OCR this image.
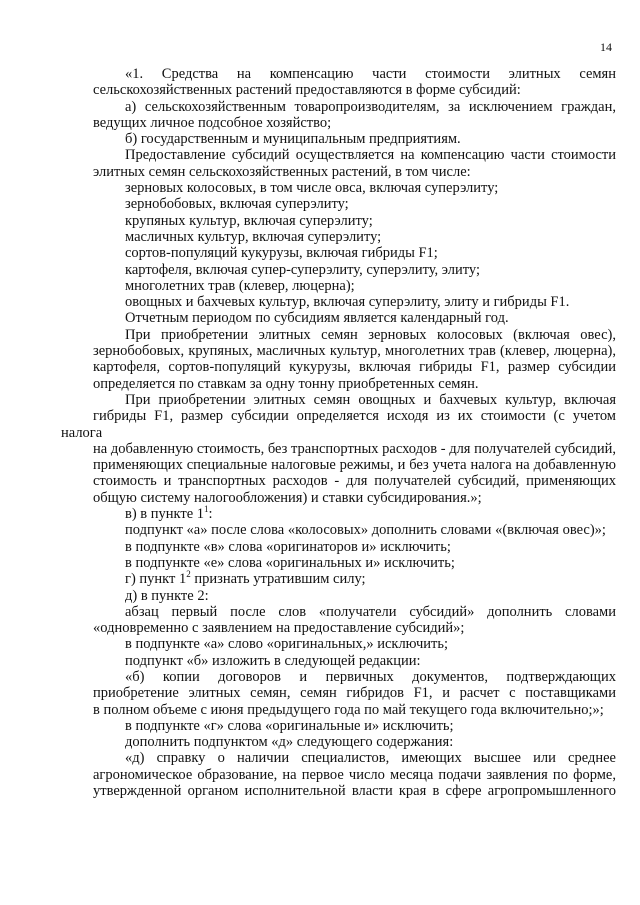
14
«1. Средства на компенсацию части стоимости элитных семян
сельскохозяйственных растений предоставляются в форме субсидий:
а) сельскохозяйственным товаропроизводителям, за исключением граждан,
ведущих личное подсобное хозяйство;
б) государственным и муниципальным предприятиям.
Предоставление субсидий осуществляется на компенсацию части стоимости
элитных семян сельскохозяйственных растений, в том числе:
зерновых колосовых, в том числе овса, включая суперэлиту;
зернобобовых, включая суперэлиту;
крупяных культур, включая суперэлиту;
масличных культур, включая суперэлиту;
сортов-популяций кукурузы, включая гибриды F1;
картофеля, включая супер-суперэлиту, суперэлиту, элиту;
многолетних трав (клевер, люцерна);
овощных и бахчевых культур, включая суперэлиту, элиту и гибриды F1.
Отчетным периодом по субсидиям является календарный год.
При приобретении элитных семян зерновых колосовых (включая овес),
зернобобовых, крупяных, масличных культур, многолетних трав (клевер, люцерна),
картофеля, сортов-популяций кукурузы, включая гибриды F1, размер субсидии
определяется по ставкам за одну тонну приобретенных семян.
При приобретении элитных семян овощных и бахчевых культур, включая
гибриды F1, размер субсидии определяется исходя из их стоимости (с учетом налога
на добавленную стоимость, без транспортных расходов - для получателей субсидий,
применяющих специальные налоговые режимы, и без учета налога на добавленную
стоимость и транспортных расходов - для получателей субсидий, применяющих
общую систему налогообложения) и ставки субсидирования.»;
в) в пункте $1^1$:
подпункт «а» после слова «колосовых» дополнить словами «(включая овес)»;
в подпункте «в» слова «оригинаторов и» исключить;
в подпункте «е» слова «оригинальных и» исключить;
г) пункт $1^2$ признать утратившим силу;
д) в пункте 2:
абзац первый после слов «получатели субсидий» дополнить словами
«одновременно с заявлением на предоставление субсидий»;
в подпункте «а» слово «оригинальных,» исключить;
подпункт «б» изложить в следующей редакции:
«б) копии договоров и первичных документов, подтверждающих
приобретение элитных семян, семян гибридов F1, и расчет с поставщиками
в полном объеме с июня предыдущего года по май текущего года включительно;»;
в подпункте «г» слова «оригинальные и» исключить;
дополнить подпунктом «д» следующего содержания:
«д) справку о наличии специалистов, имеющих высшее или среднее
агрономическое образование, на первое число месяца подачи заявления по форме,
утвержденной органом исполнительной власти края в сфере агропромышленного
